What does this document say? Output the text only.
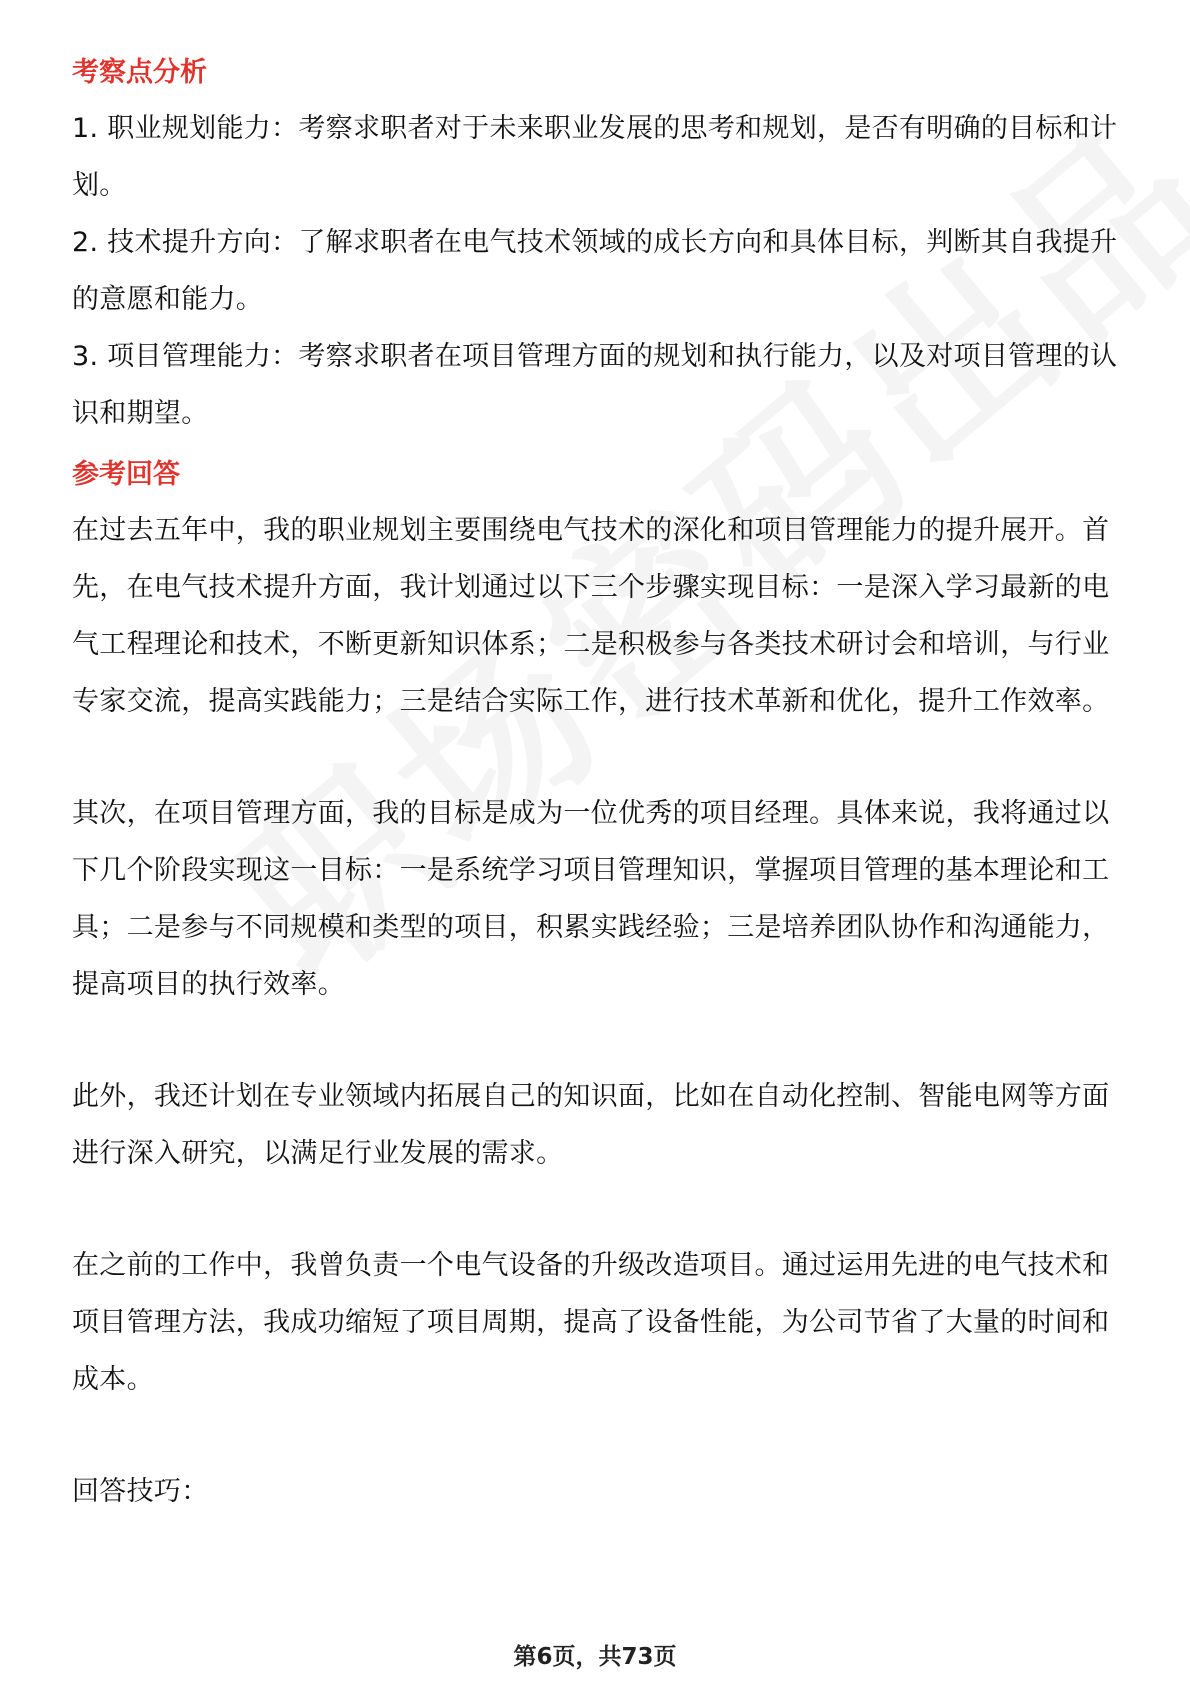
考察点分析

1. 职业规划能力：考察求职者对于未来职业发展的思考和规划，是否有明确的目标和计划。

2. 技术提升方向：了解求职者在电气技术领域的成长方向和具体目标，判断其自我提升的意愿和能力。

3. 项目管理能力：考察求职者在项目管理方面的规划和执行能力，以及对项目管理的认识和期望。

参考回答

在过去五年中，我的职业规划主要围绕电气技术的深化和项目管理能力的提升展开。首先，在电气技术提升方面，我计划通过以下三个步骤实现目标：一是深入学习最新的电气工程理论和技术，不断更新知识体系；二是积极参与各类技术研讨会和培训，与行业专家交流，提高实践能力；三是结合实际工作，进行技术革新和优化，提升工作效率。

其次，在项目管理方面，我的目标是成为一位优秀的项目经理。具体来说，我将通过以下几个阶段实现这一目标：一是系统学习项目管理知识，掌握项目管理的基本理论和工具；二是参与不同规模和类型的项目，积累实践经验；三是培养团队协作和沟通能力，提高项目的执行效率。

此外，我还计划在专业领域内拓展自己的知识面，比如在自动化控制、智能电网等方面进行深入研究，以满足行业发展的需求。

在之前的工作中，我曾负责一个电气设备的升级改造项目。通过运用先进的电气技术和项目管理方法，我成功缩短了项目周期，提高了设备性能，为公司节省了大量的时间和成本。

回答技巧：

第6页，共73页
